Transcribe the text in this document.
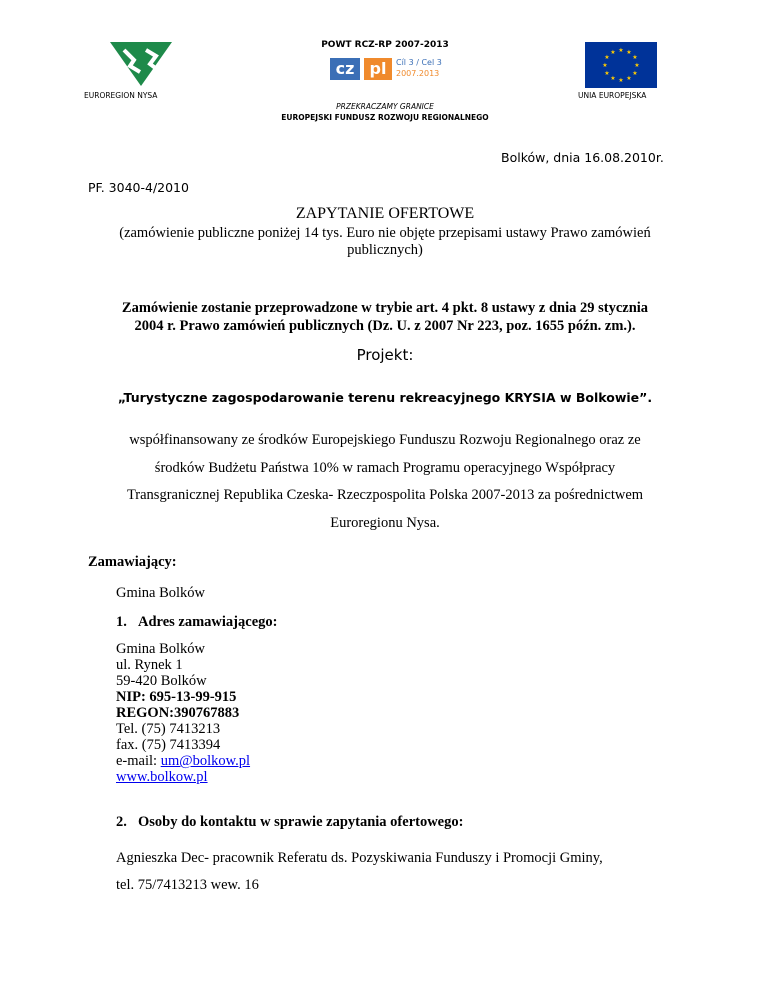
POWT RCZ-RP 2007-2013
EUROREGION NYSA
cz pl	Cíl 3 / Cel 3
2007.2013
★ ★
★
★
★
★
★
★
★
★
★
★
UNIA EUROPEJSKA
PRZEKRACZAMY GRANICE
EUROPEJSKI FUNDUSZ ROZWOJU REGIONALNEGO
Bolków, dnia 16.08.2010r.
PF. 3040-4/2010
ZAPYTANIE OFERTOWE
(zamówienie publiczne poniżej 14 tys. Euro nie objęte przepisami ustawy Prawo zamówień
publicznych)
Zamówienie zostanie przeprowadzone w trybie art. 4 pkt. 8 ustawy z dnia 29 stycznia
2004 r. Prawo zamówień publicznych (Dz. U. z 2007 Nr 223, poz. 1655 późn. zm.).
Projekt:
„Turystyczne zagospodarowanie terenu rekreacyjnego KRYSIA w Bolkowie”.
współfinansowany ze środków Europejskiego Funduszu Rozwoju Regionalnego oraz ze
środków Budżetu Państwa 10% w ramach Programu operacyjnego Współpracy
Transgranicznej Republika Czeska- Rzeczpospolita Polska 2007-2013 za pośrednictwem
Euroregionu Nysa.
Zamawiający:
Gmina Bolków
1. Adres zamawiającego:
Gmina Bolków
ul. Rynek 1
59-420 Bolków
NIP: 695-13-99-915
REGON:390767883
Tel. (75) 7413213
fax. (75) 7413394
e-mail: um@bolkow.pl
www.bolkow.pl
2. Osoby do kontaktu w sprawie zapytania ofertowego:
Agnieszka Dec- pracownik Referatu ds. Pozyskiwania Funduszy i Promocji Gminy,
tel. 75/7413213 wew. 16
